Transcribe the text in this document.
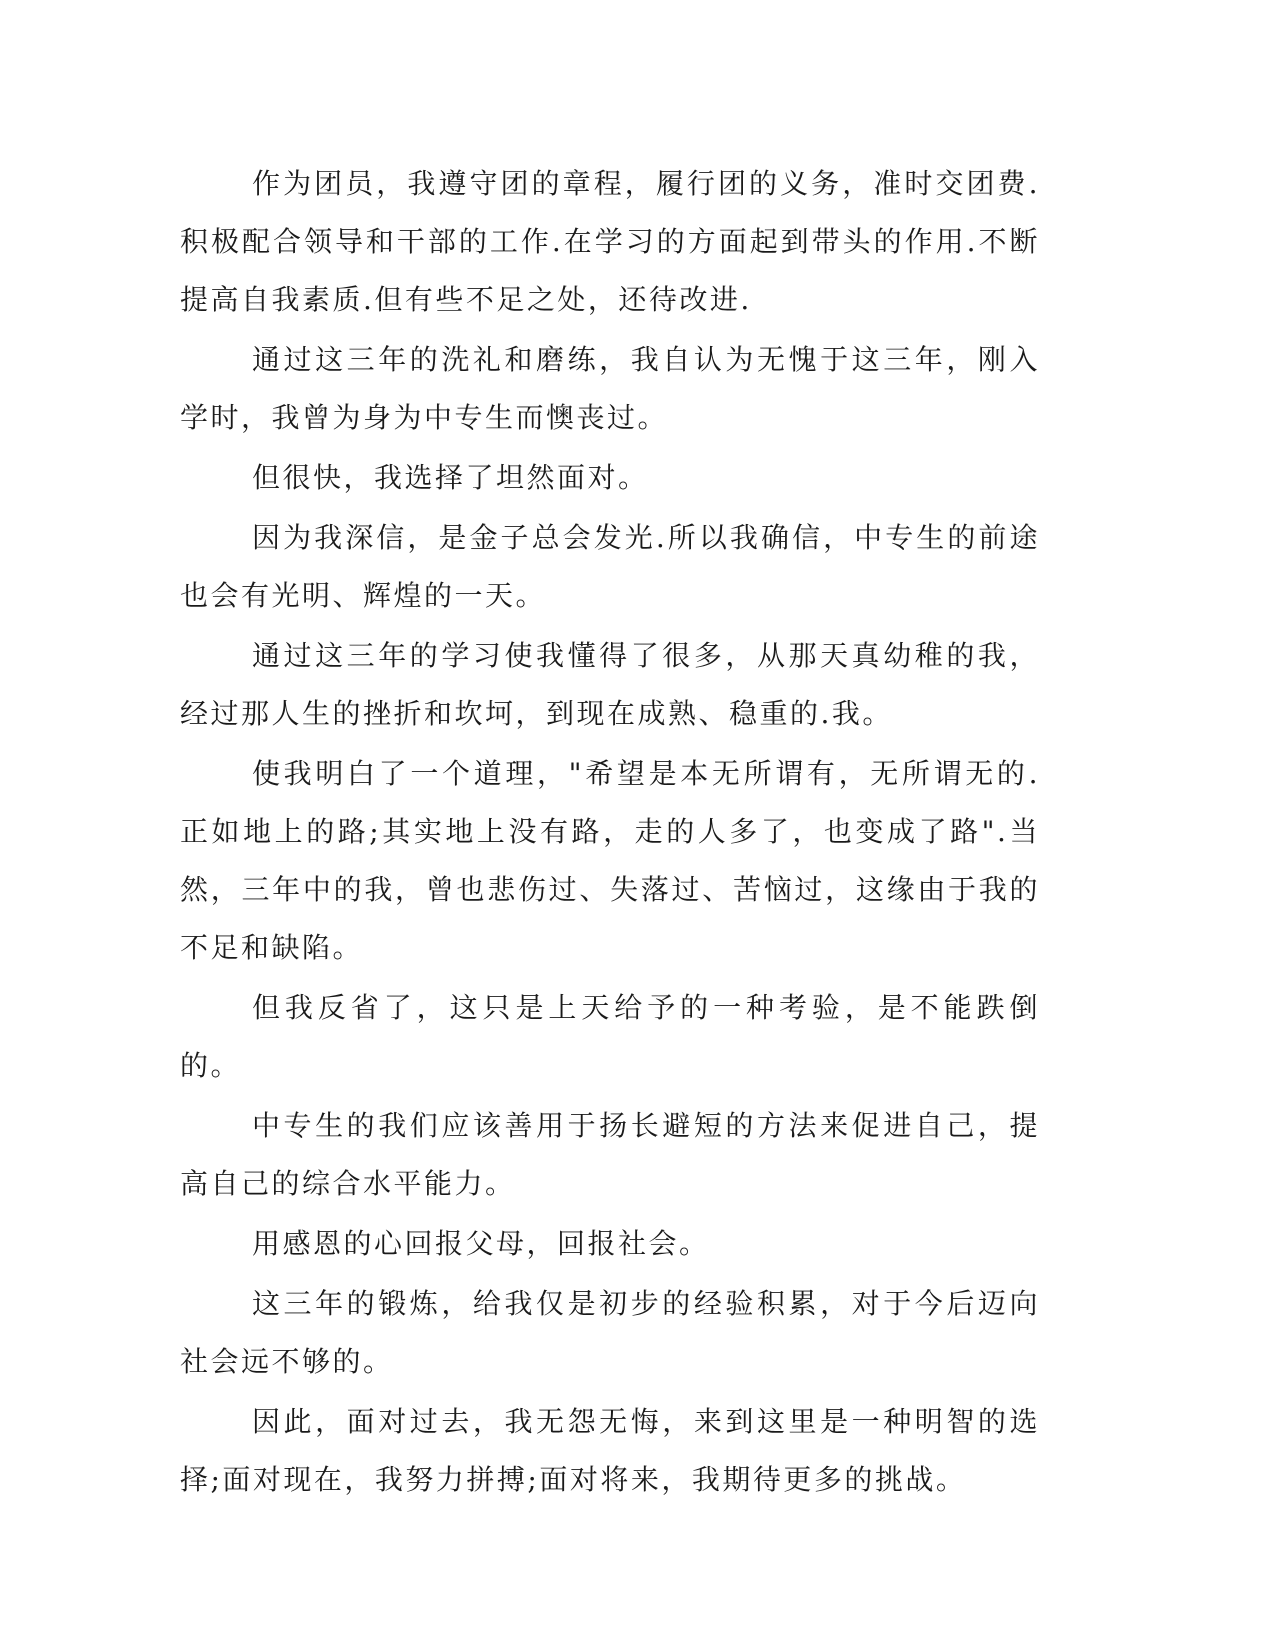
作为团员，我遵守团的章程，履行团的义务，准时交团费.积极配合领导和干部的工作.在学习的方面起到带头的作用.不断提高自我素质.但有些不足之处，还待改进.

通过这三年的洗礼和磨练，我自认为无愧于这三年，刚入学时，我曾为身为中专生而懊丧过。

但很快，我选择了坦然面对。

因为我深信，是金子总会发光.所以我确信，中专生的前途也会有光明、辉煌的一天。

通过这三年的学习使我懂得了很多，从那天真幼稚的我，经过那人生的挫折和坎坷，到现在成熟、稳重的.我。

使我明白了一个道理，"希望是本无所谓有，无所谓无的.正如地上的路;其实地上没有路，走的人多了，也变成了路".当然，三年中的我，曾也悲伤过、失落过、苦恼过，这缘由于我的不足和缺陷。

但我反省了，这只是上天给予的一种考验，是不能跌倒的。

中专生的我们应该善用于扬长避短的方法来促进自己，提高自己的综合水平能力。

用感恩的心回报父母，回报社会。

这三年的锻炼，给我仅是初步的经验积累，对于今后迈向社会远不够的。

因此，面对过去，我无怨无悔，来到这里是一种明智的选择;面对现在，我努力拼搏;面对将来，我期待更多的挑战。
